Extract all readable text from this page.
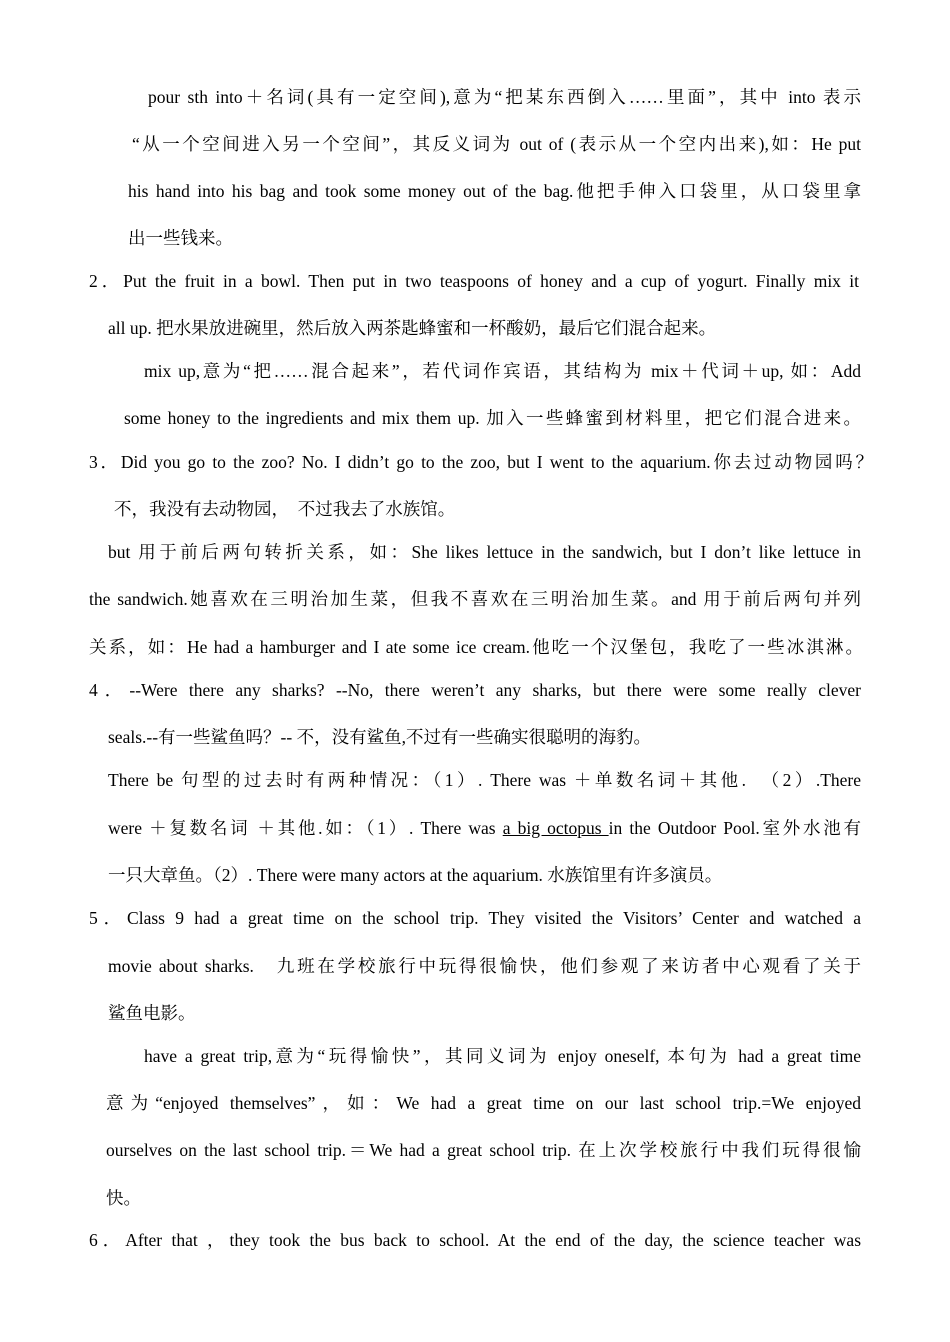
pour sth into＋名词(具有一定空间),意为“把某东西倒入……里面”，其中 into 表示
“从一个空间进入另一个空间”，其反义词为 out of (表示从一个空内出来),如：He put
his hand into his bag and took some money out of the bag.他把手伸入口袋里，从口袋里拿
出一些钱来。
2．Put the fruit in a bowl. Then put in two teaspoons of honey and a cup of yogurt. Finally mix it
all up. 把水果放进碗里，然后放入两茶匙蜂蜜和一杯酸奶，最后它们混合起来。
mix up,意为“把……混合起来”，若代词作宾语，其结构为 mix＋代词＋up, 如：Add
some honey to the ingredients and mix them up. 加入一些蜂蜜到材料里，把它们混合进来。
3．Did you go to the zoo? No. I didn’t go to the zoo, but I went to the aquarium.你去过动物园吗？
不，我没有去动物园，　不过我去了水族馆。
but 用于前后两句转折关系，如：She likes lettuce in the sandwich, but I don’t like lettuce in
the sandwich.她喜欢在三明治加生菜，但我不喜欢在三明治加生菜。and 用于前后两句并列
关系，如：He had a hamburger and I ate some ice cream.他吃一个汉堡包，我吃了一些冰淇淋。
4．--Were there any sharks? --No, there weren’t any sharks, but there were some really clever
seals.--有一些鲨鱼吗？-- 不，没有鲨鱼,不过有一些确实很聪明的海豹。
There be 句型的过去时有两种情况：（1）. There was ＋单数名词＋其他.　（2）.There
were ＋复数名词 ＋其他.如：（1）. There was a big octopus in the Outdoor Pool.室外水池有
一只大章鱼。（2）. There were many actors at the aquarium. 水族馆里有许多演员。
5．Class 9 had a great time on the school trip. They visited the Visitors’ Center and watched a
movie about sharks.　九班在学校旅行中玩得很愉快，他们参观了来访者中心观看了关于
鲨鱼电影。
have a great trip,意为“玩得愉快”，其同义词为 enjoy oneself, 本句为 had a great time
意为“enjoyed themselves”，如：We had a great time on our last school trip.=We enjoyed
ourselves on the last school trip.＝We had a great school trip. 在上次学校旅行中我们玩得很愉
快。
6．After that ，they took the bus back to school. At the end of the day, the science teacher was
